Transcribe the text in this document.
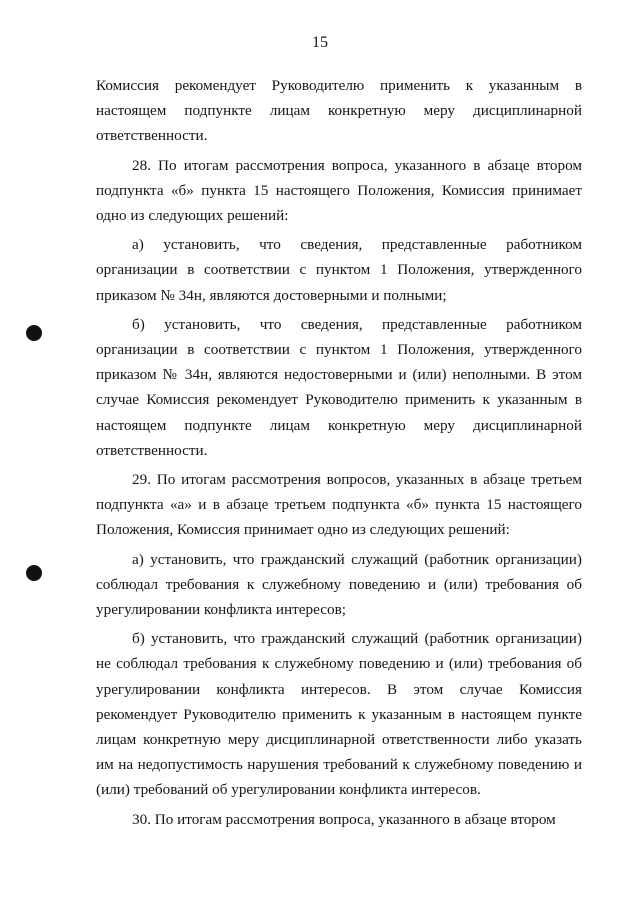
15

Комиссия рекомендует Руководителю применить к указанным в настоящем подпункте лицам конкретную меру дисциплинарной ответственности.

28. По итогам рассмотрения вопроса, указанного в абзаце втором подпункта «б» пункта 15 настоящего Положения, Комиссия принимает одно из следующих решений:

а) установить, что сведения, представленные работником организации в соответствии с пунктом 1 Положения, утвержденного приказом № 34н, являются достоверными и полными;

б) установить, что сведения, представленные работником организации в соответствии с пунктом 1 Положения, утвержденного приказом № 34н, являются недостоверными и (или) неполными. В этом случае Комиссия рекомендует Руководителю применить к указанным в настоящем подпункте лицам конкретную меру дисциплинарной ответственности.

29. По итогам рассмотрения вопросов, указанных в абзаце третьем подпункта «а» и в абзаце третьем подпункта «б» пункта 15 настоящего Положения, Комиссия принимает одно из следующих решений:

а) установить, что гражданский служащий (работник организации) соблюдал требования к служебному поведению и (или) требования об урегулировании конфликта интересов;

б) установить, что гражданский служащий (работник организации) не соблюдал требования к служебному поведению и (или) требования об урегулировании конфликта интересов. В этом случае Комиссия рекомендует Руководителю применить к указанным в настоящем пункте лицам конкретную меру дисциплинарной ответственности либо указать им на недопустимость нарушения требований к служебному поведению и (или) требований об урегулировании конфликта интересов.

30. По итогам рассмотрения вопроса, указанного в абзаце втором
